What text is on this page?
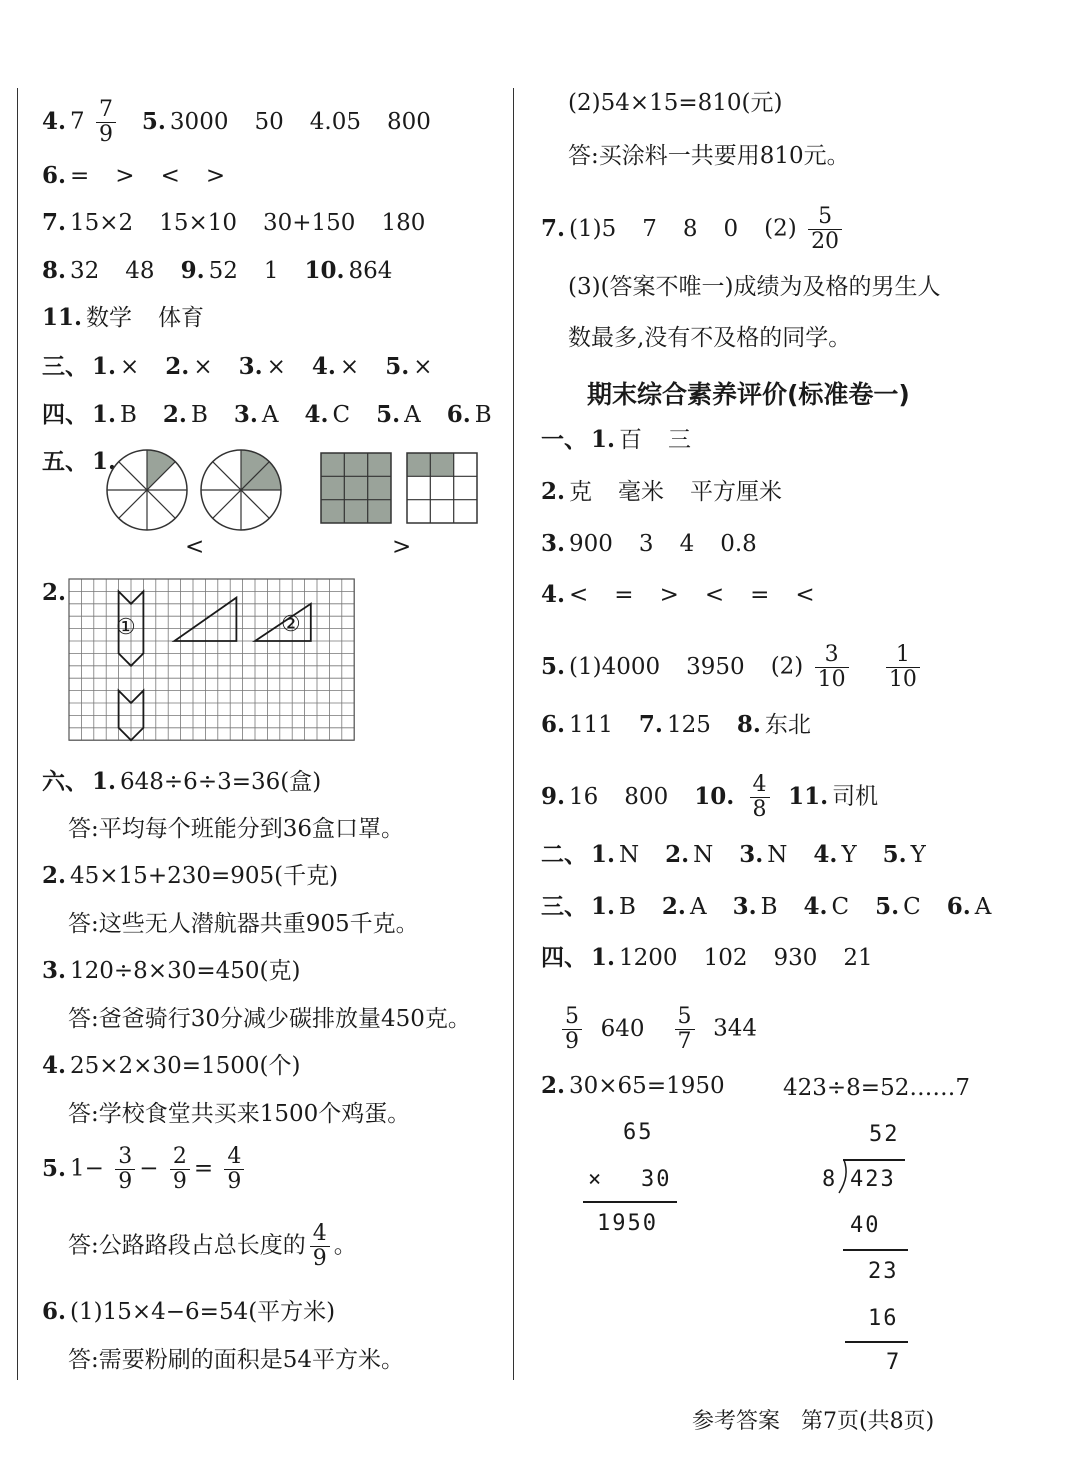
4. $7 \frac{7}{9} 5$. 3000 50 4.05 800
6. = > < >
7. 15×2 15×10 30+150 180
8. 32 48 9. 52 1 10. 864
11. 数学 体育
三、 1. × 2. × 3. × 4. × 5. ×
四、 1. B 2. B 3. A 4. C 5. A 6. B
五、 1.
<	>
2.
①	②
六、 1. 648÷6÷3=36(盒)
答:平均每个班能分到36盒口罩。
2. 45×15+230=905(千克)
答:这些无人潜航器共重905千克。
3. 120÷8×30=450(克)
答:爸爸骑行30分减少碳排放量450克。
4. 25×2×30=1500(个)
答:学校食堂共买来1500个鸡蛋。
5. $1- \frac{3}{9} - \frac{2}{9} = \frac{4}{9}$
答:公路路段占总长度的 $\frac{4}{9}$ 。
6. (1)15×4−6=54(平方米)
答:需要粉刷的面积是54平方米。
(2)54×15=810(元)
答:买涂料一共要用810元。
7. (1)5 7 8 0 $(2) \frac{5}{20}$
(3)(答案不唯一)成绩为及格的男生人
数最多,没有不及格的同学。
期末综合素养评价(标准卷一)
一、 1. 百 三
2. 克 毫米 平方厘米
3. 900 3 4 0.8
4. < = > < = <
5. (1)4000 3950 $(2) \frac{3}{10}$
$\frac{1}{10}$
6. 111 7. 125 8. 东北
9. 16 800 10. $\frac{4}{8} 11$. 司机
二、 1. N 2. N 3. N 4. Y 5. Y
三、 1. B 2. A 3. B 4. C 5. C 6. A
四、 1. 1200 102 930 21
$\frac{5}{9} 640 \frac{5}{7} 344$
2. 30×65=1950	423÷8=52……7
65
× 30
1950
52
8 423
40
23
16
7
参考答案 第7页(共8页)
